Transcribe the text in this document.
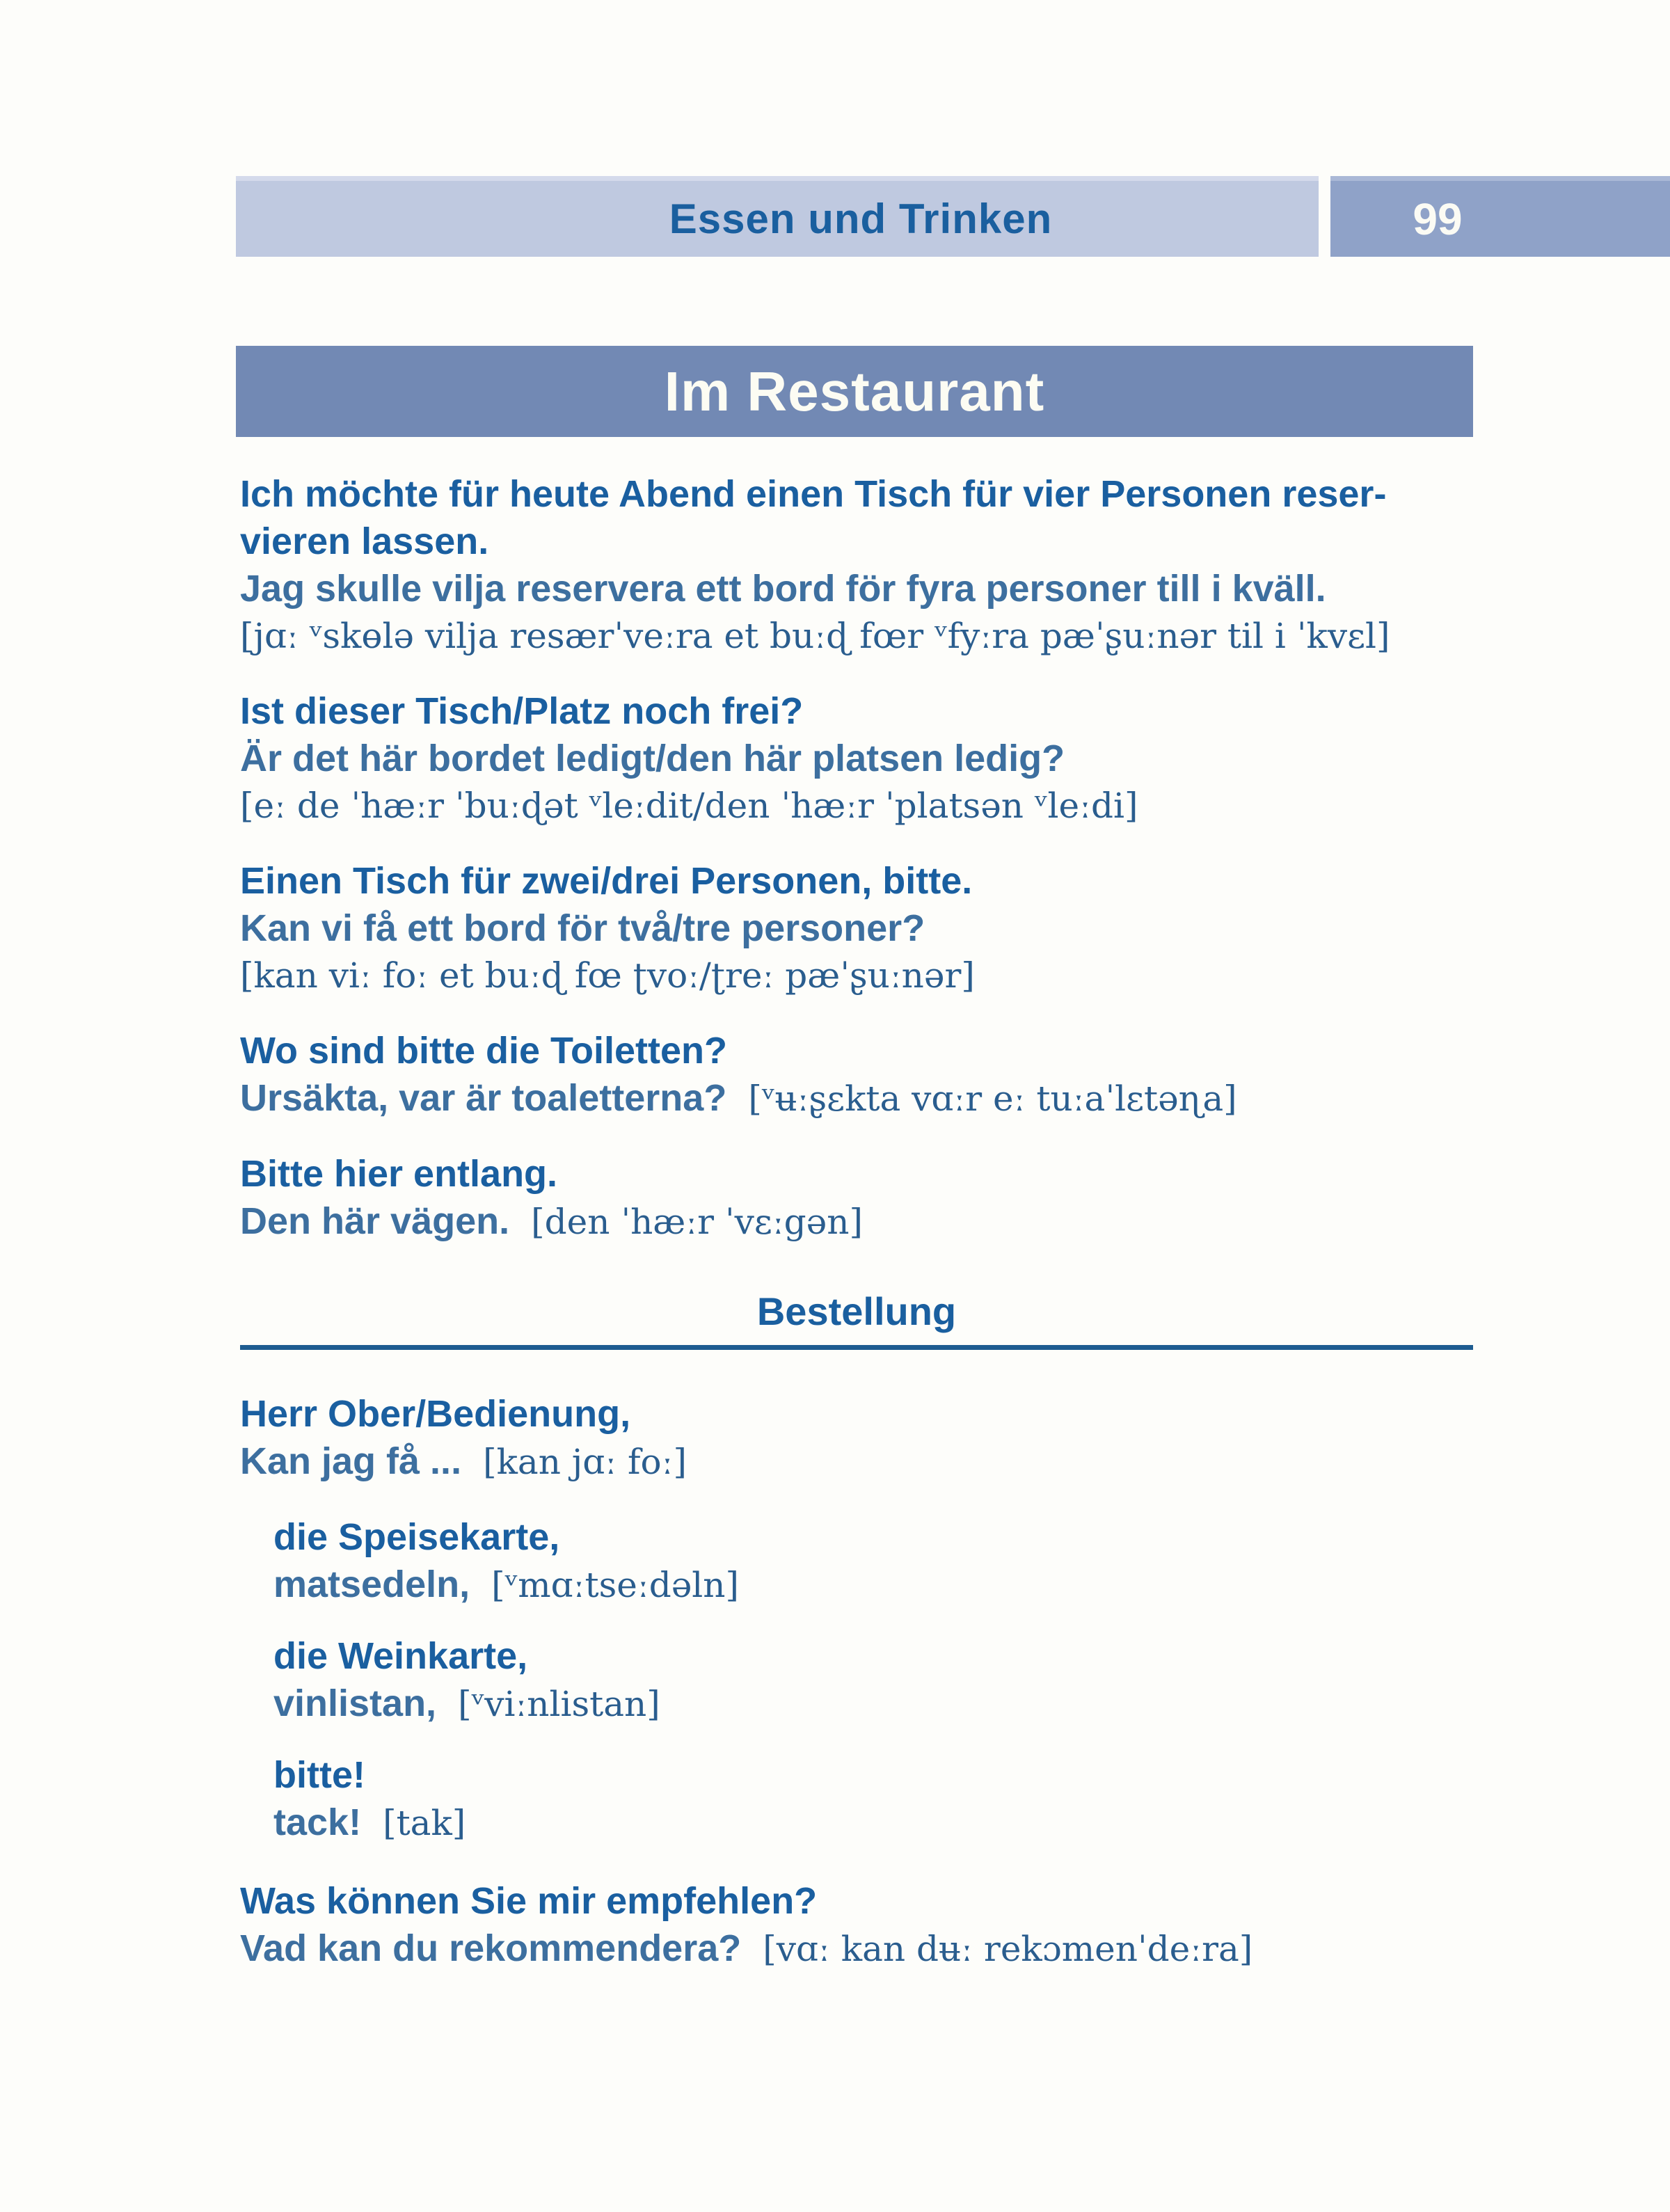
Essen und Trinken	99
Im Restaurant
Ich möchte für heute Abend einen Tisch für vier Personen reser-
vieren lassen.
Jag skulle vilja reservera ett bord för fyra personer till i kväll.
[jɑː ᵛskɵlə vilja resærˈveːra et buːɖ fœr ᵛfyːra pæˈʂuːnər til i ˈkvɛl]
Ist dieser Tisch/Platz noch frei?
Är det här bordet ledigt/den här platsen ledig?
[eː de ˈhæːr ˈbuːɖət ᵛleːdit/den ˈhæːr ˈplatsən ᵛleːdi]
Einen Tisch für zwei/drei Personen, bitte.
Kan vi få ett bord för två/tre personer?
[kan viː foː et buːɖ fœ ʈvoː/ʈreː pæˈʂuːnər]
Wo sind bitte die Toiletten?
Ursäkta, var är toaletterna? [ᵛʉːʂɛkta vɑːr eː tuːaˈlɛtəɳa]
Bitte hier entlang.
Den här vägen. [den ˈhæːr ˈvɛːgən]
Bestellung
Herr Ober/Bedienung,
Kan jag få ... [kan jɑː foː]
die Speisekarte,
matsedeln, [ᵛmɑːtseːdəln]
die Weinkarte,
vinlistan, [ᵛviːnlistan]
bitte!
tack! [tak]
Was können Sie mir empfehlen?
Vad kan du rekommendera? [vɑː kan dʉː rekɔmenˈdeːra]
